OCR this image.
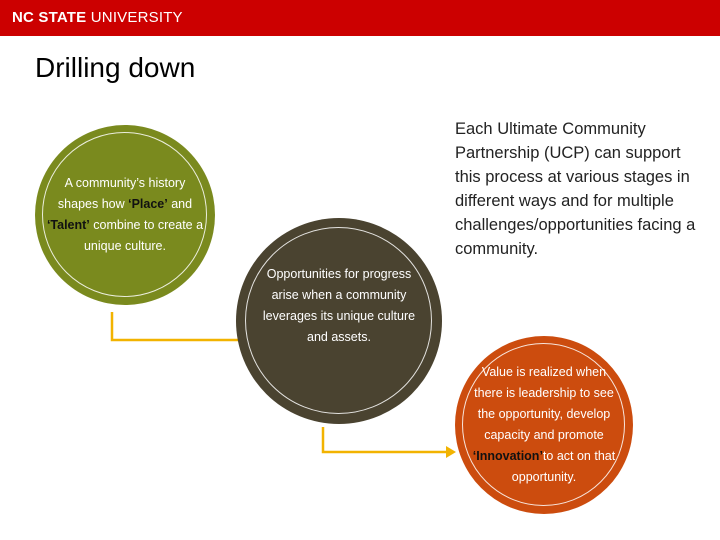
NC STATE UNIVERSITY
Drilling down
Each Ultimate Community Partnership (UCP) can support this process at various stages in different ways and for multiple challenges/opportunities facing a community.
A community’s history shapes how ‘Place’ and ‘Talent’ combine to create a unique culture.
Opportunities for progress arise when a community leverages its unique culture and assets.
Value is realized when there is leadership to see the opportunity, develop capacity and promote ‘Innovation’to act on that opportunity.
